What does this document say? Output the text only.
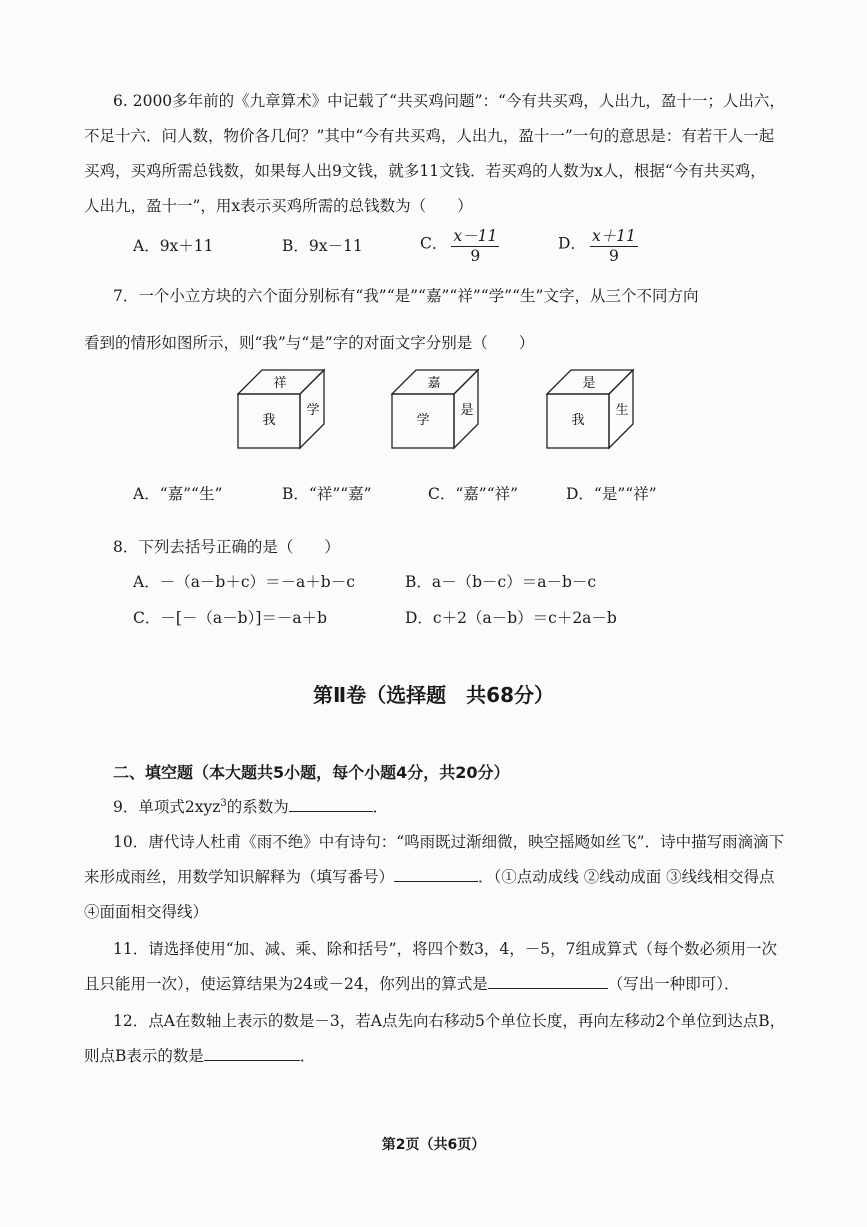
6. 2000多年前的《九章算术》中记载了“共买鸡问题”：“今有共买鸡，人出九，盈十一；人出六，
不足十六．问人数，物价各几何？”其中“今有共买鸡，人出九，盈十一”一句的意思是：有若干人一起
买鸡，买鸡所需总钱数，如果每人出9文钱，就多11文钱．若买鸡的人数为x人，根据“今有共买鸡，
人出九，盈十一”，用x表示买鸡所需的总钱数为（　　）
A．9x＋11	B．9x－11	C． $\frac{x-11}{9}$	D． $\frac{x+11}{9}$
7．一个小立方块的六个面分别标有“我”“是”“嘉”“祥”“学”“生”文字，从三个不同方向
看到的情形如图所示，则“我”与“是”字的对面文字分别是（　　）
祥
我
学
嘉
学
是
是
我
生
A．“嘉”“生”	B．“祥”“嘉”	C．“嘉”“祥”	D．“是”“祥”
8．下列去括号正确的是（　　）
A．－（a－b＋c）＝－a＋b－c	B．a－（b－c）＝a－b－c
C．－[－（a－b）]＝－a＋b	D．c＋2（a－b）＝c＋2a－b
第Ⅱ卷（选择题　共68分）
二、填空题（本大题共5小题，每个小题4分，共20分）
9．单项式2xyz$^3$的系数为	．
10．唐代诗人杜甫《雨不绝》中有诗句：“鸣雨既过渐细微，映空摇飏如丝飞”．诗中描写雨滴滴下
来形成雨丝，用数学知识解释为（填写番号）	．（①点动成线 ②线动成面 ③线线相交得点
④面面相交得线）
11．请选择使用“加、减、乘、除和括号”，将四个数3，4，－5，7组成算式（每个数必须用一次
且只能用一次），使运算结果为24或－24，你列出的算式是	（写出一种即可）．
12．点A在数轴上表示的数是－3，若A点先向右移动5个单位长度，再向左移动2个单位到达点B，
则点B表示的数是	．
第2页（共6页）
